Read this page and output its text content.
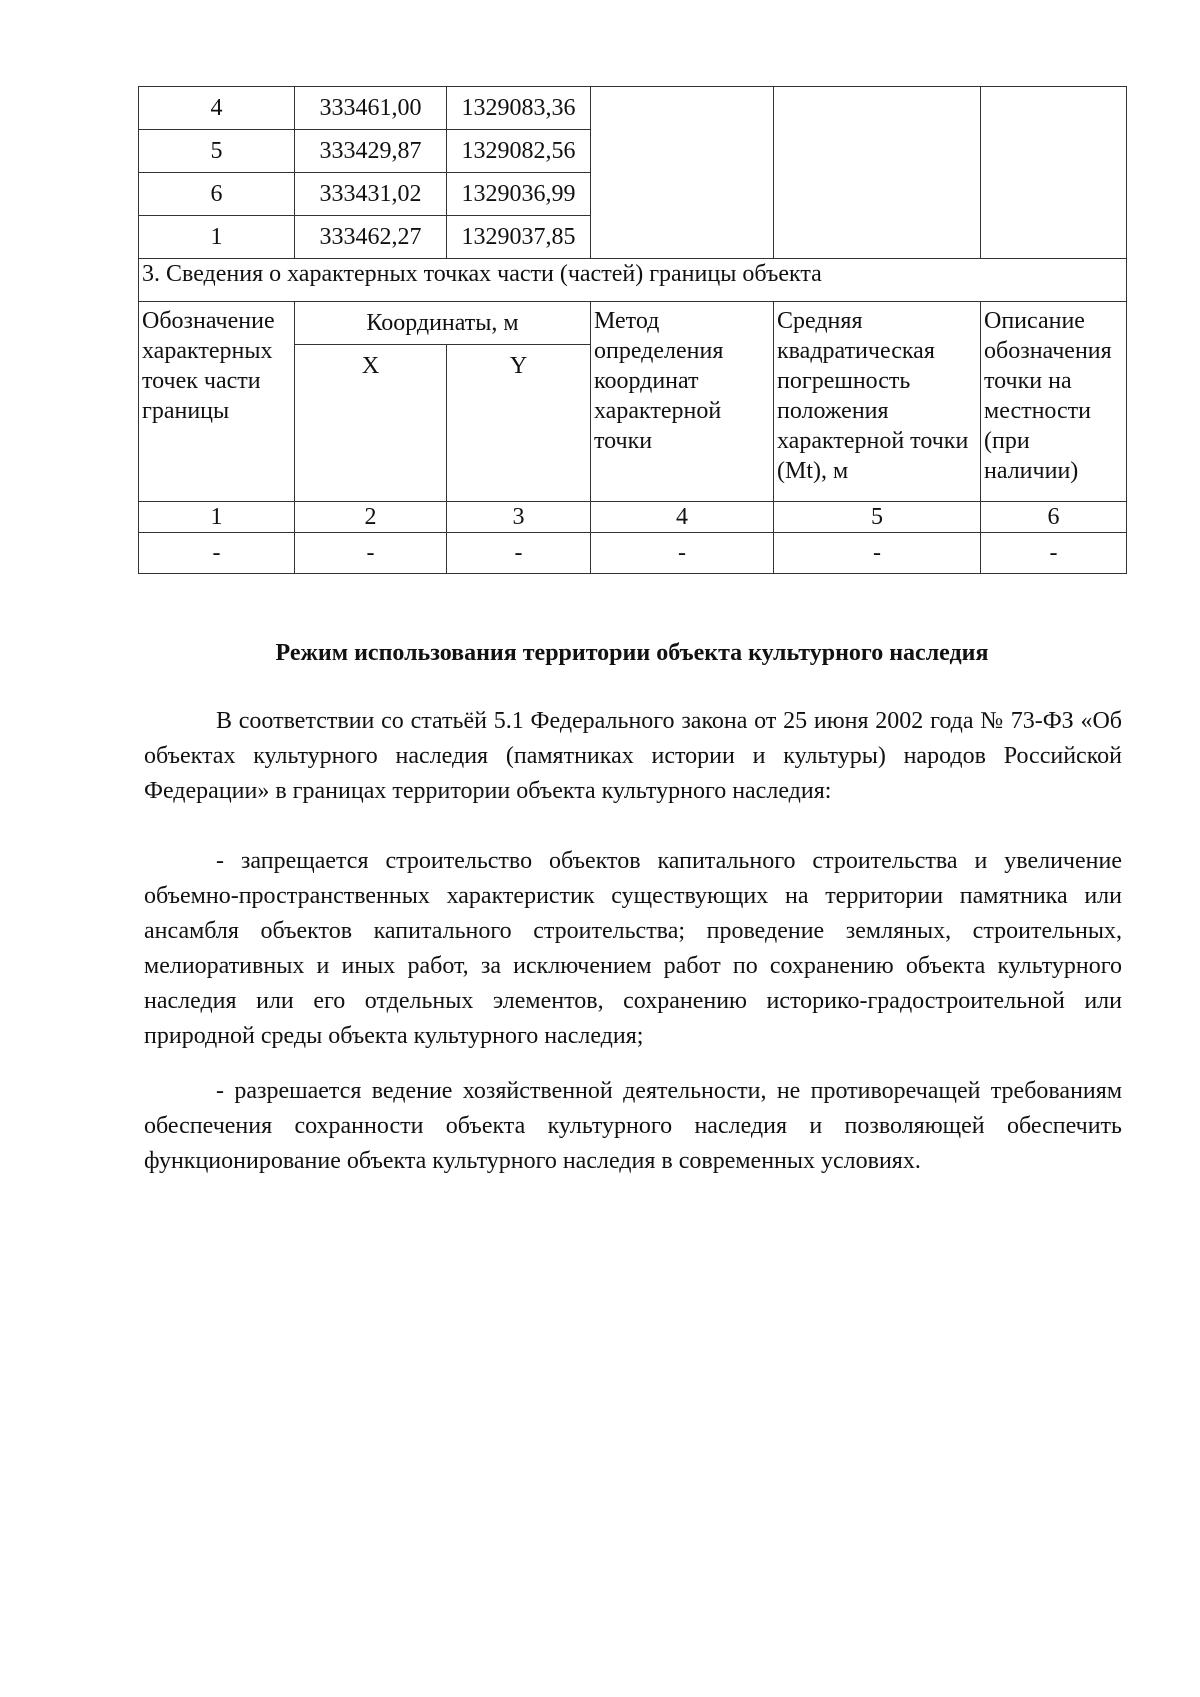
4	333461,00	1329083,36			
5	333429,87	1329082,56			
6	333431,02	1329036,99			
1	333462,27	1329037,85			
3. Сведения о характерных точках части (частей) границы объекта					
Обозначение характерных точек части границы	Координаты, м		Метод определения координат характерной точки	Средняя квадратическая погрешность положения характерной точки (Mt), м	Описание обозначения точки на местности (при наличии)
	X	Y			
1	2	3	4	5	6
-	-	-	-	-	-
Режим использования территории объекта культурного наследия

В соответствии со статьёй 5.1 Федерального закона от 25 июня 2002 года № 73-ФЗ «Об объектах культурного наследия (памятниках истории и культуры) народов Российской Федерации» в границах территории объекта культурного наследия:

- запрещается строительство объектов капитального строительства и увеличение объемно-пространственных характеристик существующих на территории памятника или ансамбля объектов капитального строительства; проведение земляных, строительных, мелиоративных и иных работ, за исключением работ по сохранению объекта культурного наследия или его отдельных элементов, сохранению историко-градостроительной или природной среды объекта культурного наследия;

- разрешается ведение хозяйственной деятельности, не противоречащей требованиям обеспечения сохранности объекта культурного наследия и позволяющей обеспечить функционирование объекта культурного наследия в современных условиях.
